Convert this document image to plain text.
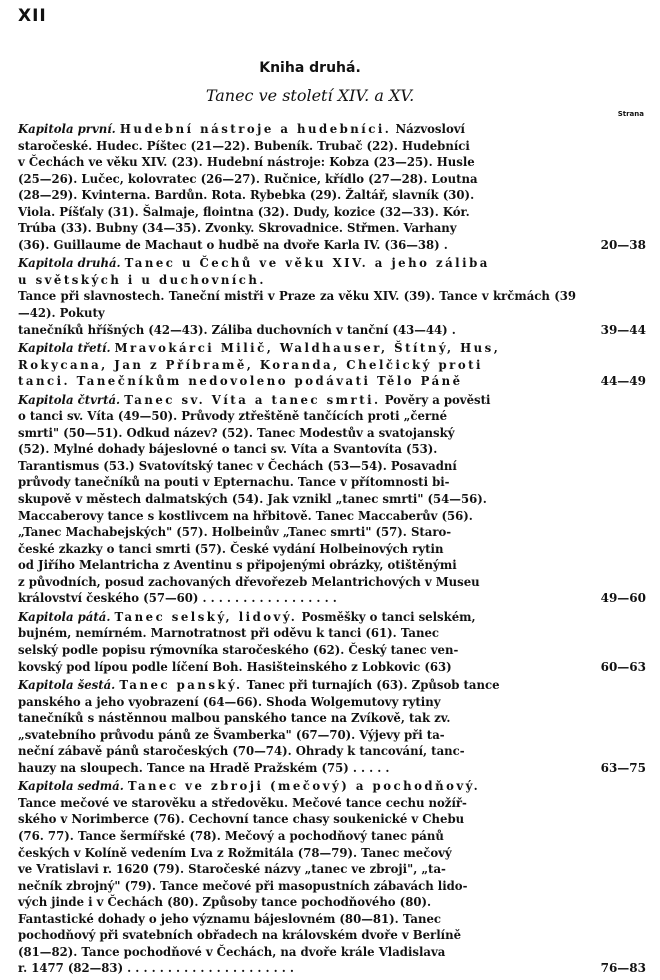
XII
Kniha druhá.
Tanec ve století XIV. a XV.
Strana
Kapitola první. Hudební nástroje a hudebníci. Názvosloví
staročeské. Hudec. Píštec (21—22). Bubeník. Trubač (22). Hudebníci
v Čechách ve věku XIV. (23). Hudební nástroje: Kobza (23—25). Husle
(25—26). Lučec, kolovratec (26—27). Ručnice, křídlo (27—28). Loutna
(28—29). Kvinterna. Bardůn. Rota. Rybebka (29). Žaltář, slavník (30).
Viola. Píšťaly (31). Šalmaje, flointna (32). Dudy, kozice (32—33). Kór.
Trúba (33). Bubny (34—35). Zvonky. Skrovadnice. Střmen. Varhany
(36). Guillaume de Machaut o hudbě na dvoře Karla IV. (36—38) .	20—38
Kapitola druhá. Tanec u Čechů ve věku XIV. a jeho záliba
u světských i u duchovních.
Tance při slavnostech. Taneční mistři v Praze za věku XIV. (39). Tance v krčmách (39—42). Pokuty
tanečníků hříšných (42—43). Záliba duchovních v tanční (43—44) .	39—44
Kapitola třetí. Mravokárci Milič, Waldhauser, Štítný, Hus,
Rokycana, Jan z Příbramě, Koranda, Chelčický proti
tanci. Tanečníkům nedovoleno podávati Tělo Páně	44—49
Kapitola čtvrtá. Tanec sv. Víta a tanec smrti. Pověry a pověsti
o tanci sv. Víta (49—50). Průvody ztřeštěně tančících proti „černé
smrti" (50—51). Odkud název? (52). Tanec Modestův a svatojanský
(52). Mylné dohady bájeslovné o tanci sv. Víta a Svantovíta (53).
Tarantismus (53.) Svatovítský tanec v Čechách (53—54). Posavadní
průvody tanečníků na pouti v Epternachu. Tance v přítomnosti bi-
skupově v městech dalmatských (54). Jak vznikl „tanec smrti" (54—56).
Maccaberovy tance s kostlivcem na hřbitově. Tanec Maccaberův (56).
„Tanec Machabejských" (57). Holbeinův „Tanec smrti" (57). Staro-
české zkazky o tanci smrti (57). České vydání Holbeinových rytin
od Jiřího Melantricha z Aventinu s připojenými obrázky, otištěnými
z původních, posud zachovaných dřevořezeb Melantrichových v Museu
království českého (57—60) . . . . . . . . . . . . . . . . .	49—60
Kapitola pátá. Tanec selský, lidový. Posměšky o tanci selském,
bujném, nemírném. Marnotratnost při oděvu k tanci (61). Tanec
selský podle popisu rýmovníka staročeského (62). Český tanec ven-
kovský pod lípou podle líčení Boh. Hasišteinského z Lobkovic (63)	60—63
Kapitola šestá. Tanec panský. Tanec při turnajích (63). Způsob tance
panského a jeho vyobrazení (64—66). Shoda Wolgemutovy rytiny
tanečníků s nástěnnou malbou panského tance na Zvíkově, tak zv.
„svatebního průvodu pánů ze Švamberka" (67—70). Výjevy při ta-
neční zábavě pánů staročeských (70—74). Ohrady k tancování, tanc-
hauzy na sloupech. Tance na Hradě Pražském (75) . . . . .	63—75
Kapitola sedmá. Tanec ve zbroji (mečový) a pochodňový.
Tance mečové ve starověku a středověku. Mečové tance cechu nožíř-
ského v Norimberce (76). Cechovní tance chasy soukenické v Chebu
(76. 77). Tance šermířské (78). Mečový a pochodňový tanec pánů
českých v Kolíně vedením Lva z Rožmitála (78—79). Tanec mečový
ve Vratislavi r. 1620 (79). Staročeské názvy „tanec ve zbroji", „ta-
nečník zbrojný" (79). Tance mečové při masopustních zábavách lido-
vých jinde i v Čechách (80). Způsoby tance pochodňového (80).
Fantastické dohady o jeho významu bájeslovném (80—81). Tanec
pochodňový při svatebních obřadech na královském dvoře v Berlíně
(81—82). Tance pochodňové v Čechách, na dvoře krále Vladislava
r. 1477 (82—83) . . . . . . . . . . . . . . . . . . . . .	76—83
